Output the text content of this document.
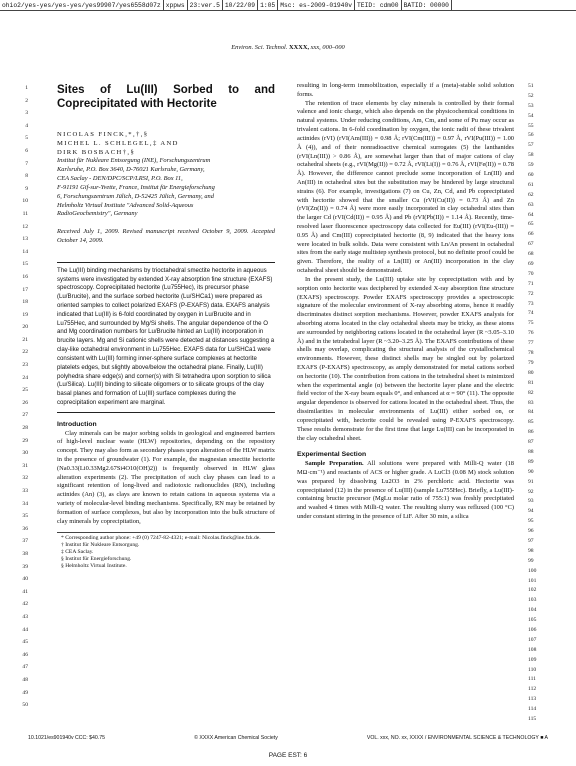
ohio2/yes-yes/yes-yes/yes99907/yes6558d07z xppws 23:ver.5 10/22/09 1:05 Msc: es-2009-01940v TEID: cdm00 BATID: 00000
Environ. Sci. Technol. XXXX, xxx, 000–000
1
2
3
4
5
6
7
8
9
10
11
12
13
14
15
16
17
18
19
20
21
22
23
24
25
26
27
28
29
30
31
32
33
34
35
36
37
38
39
40
41
42
43
44
45
46
47
48
49
50
51
52
53
54
55
56
57
58
59
60
61
62
63
64
65
66
67
68
69
70
71
72
73
74
75
76
77
78
79
80
81
82
83
84
85
86
87
88
89
90
91
92
93
94
95
96
97
98
99
100
101
102
103
104
105
106
107
108
109
110
111
112
113
114
115
Sites of Lu(III) Sorbed to and Coprecipitated with Hectorite
NICOLAS FINCK,*,†,§
MICHEL L. SCHLEGEL,‡ AND
DIRK BOSBACH†,§
Institut für Nukleare Entsorgung (INE), Forschungszentrum
Karlsruhe, P.O. Box 3640, D-76021 Karlsruhe, Germany,
CEA Saclay - DEN/DPC/SCP/LRSI, P.O. Box 11,
F-91191 Gif-sur-Yvette, France, Institut für Energieforschung
6, Forschungszentrum Jülich, D-52425 Jülich, Germany, and
Helmholtz Virtual Institute "Advanced Solid-Aqueous
RadioGeochemistry", Germany

Received July 1, 2009. Revised manuscript received October 9, 2009. Accepted October 14, 2009.

The Lu(III) binding mechanisms by trioctahedral smectite hectorite in aqueous systems were investigated by extended X-ray absorption fine structure (EXAFS) spectroscopy. Coprecipitated hectorite (Lu755Hec), its precursor phase (Lu/Brucite), and the surface sorbed hectorite (Lu/SHCa1) were prepared as oriented samples to collect polarized EXAFS (P-EXAFS) data. EXAFS analysis indicated that Lu(III) is 6-fold coordinated by oxygen in Lu/Brucite and in Lu755Hec, and surrounded by Mg/Si shells. The angular dependence of the O and Mg coordination numbers for Lu/Brucite hinted an Lu(III) incorporation in brucite layers. Mg and Si cationic shells were detected at distances suggesting a clay-like octahedral environment in Lu755Hec. EXAFS data for Lu/SHCa1 were consistent with Lu(III) forming inner-sphere surface complexes at hectorite platelets edges, but slightly above/below the octahedral plane. Finally, Lu(III) polyhedra share edge(s) and corner(s) with Si tetrahedra upon sorption to silica (Lu/Silica). Lu(III) binding to silicate oligomers or to silicate groups of the clay basal planes and formation of Lu(III) surface complexes during the coprecipitation experiment are marginal.
Introduction

Clay minerals can be major sorbing solids in geological and engineered barriers of high-level nuclear waste (HLW) repositories, depending on the repository concept. They may also form as secondary phases upon alteration of the HLW matrix in the presence of groundwater (1). For example, the magnesian smectite hectorite (Na0.33(Li0.33Mg2.67Si4O10(OH)2)) is frequently observed in HLW glass alteration experiments (2). The precipitation of such clay phases can lead to a significant retention of long-lived and radiotoxic radionuclides (RN), including actinides (An) (3), as clays are known to retain cations in aqueous systems via a variety of molecular-level binding mechanisms. Specifically, RN may be retained by formation of surface complexes, but also by incorporation into the bulk structure of clay minerals by coprecipitation,

* Corresponding author phone: +49 (0) 7247-82-4321; e-mail: Nicolas.finck@ine.fzk.de.

† Institut für Nukleare Entsorgung.

‡ CEA Saclay.

§ Institut für Energieforschung.

§ Helmholtz Virtual Institute.

resulting in long-term immobilization, especially if a (meta)-stable solid solution forms.

The retention of trace elements by clay minerals is controlled by their formal valence and ionic charge, which also depends on the physicochemical conditions in natural systems. Under reducing conditions, Am, Cm, and some of Pu may occur as trivalent cations. In 6-fold coordination by oxygen, the ionic radii of these trivalent actinides (rVI) (rVI(Am(III)) = 0.98 Å; rVI(Cm(III)) = 0.97 Å, rVI(Pu(III)) = 1.00 Å (4)), and of their nonradioactive chemical surrogates (5) the lanthanides (rVI(Ln(III)) > 0.86 Å), are somewhat larger than that of major cations of clay octahedral sheets (e.g., rVI(Mg(II)) = 0.72 Å, rVI(Li(I)) = 0.76 Å, rVI(Fe(II)) = 0.78 Å). However, the difference cannot preclude some incorporation of Ln(III) and An(III) in octahedral sites but the substitution may be hindered by large structural strains (6). For example, investigations (7) on Cu, Zn, Cd, and Pb coprecipitated with hectorite showed that the smaller Cu (rVI(Cu(II)) = 0.73 Å) and Zn (rVI(Zn(II)) = 0.74 Å) were more easily incorporated in clay octahedral sites than the larger Cd (rVI(Cd(II)) = 0.95 Å) and Pb (rVI(Pb(II)) = 1.14 Å). Recently, time-resolved laser fluorescence spectroscopy data collected for Eu(III) (rVI(Eu-(III)) = 0.95 Å) and Cm(III) coprecipitated hectorite (8, 9) indicated that the heavy ions were located in bulk solids. Data were consistent with Ln/An present in octahedral sites from the early stage multistep synthesis protocol, but no definite proof could be given. Therefore, the reality of a Ln(III) or An(III) incorporation in the clay octahedral sheet should be demonstrated.

In the present study, the Lu(III) uptake site by coprecipitation with and by sorption onto hectorite was deciphered by extended X-ray absorption fine structure (EXAFS) spectroscopy. Powder EXAFS spectroscopy provides a spectroscopic signature of the molecular environment of X-ray absorbing atoms, hence it readily discriminates distinct sorption mechanisms. However, powder EXAFS analysis for absorbing atoms located in the clay octahedral sheets may be tricky, as these atoms are surrounded by neighboring cations located in the octahedral layer (R ~3.05–3.10 Å) and in the tetrahedral layer (R ~3.20–3.25 Å). The EXAFS contributions of these shells may overlap, complicating the structural analysis of the crystallochemical environments. However, these distinct shells may be singled out by polarized EXAFS (P-EXAFS) spectroscopy, as amply demonstrated for metal cations sorbed on hectorite (10). The contribution from cations in the tetrahedral sheet is minimized when the experimental angle (α) between the hectorite layer plane and the electric field vector of the X-ray beam equals 0°, and enhanced at α = 90° (11). The opposite angular dependence is observed for cations located in the octahedral sheet. Thus, the dissimilarities in molecular environments of Lu(III) either sorbed on, or coprecipitated with, hectorite could be revealed using P-EXAFS spectroscopy. These results demonstrate for the first time that large Lu(III) can be incorporated in the clay octahedral sheet.

Experimental Section

Sample Preparation. All solutions were prepared with Milli-Q water (18 MΩ·cm⁻¹) and reactants of ACS or higher grade. A LuCl3 (0.08 M) stock solution was prepared by dissolving Lu2O3 in 2% perchloric acid. Hectorite was coprecipitated (12) in the presence of Lu(III) (sample Lu755Hec). Briefly, a Lu(III)-containing brucite precursor (MgLu molar ratio of 755:1) was freshly precipitated and washed 4 times with Milli-Q water. The resulting slurry was refluxed (100 °C) under constant stirring in the presence of LiF. After 30 min, a silica

10.1021/es901940v CCC: $40.75	© XXXX American Chemical Society	VOL. xxx, NO. xx, XXXX / ENVIRONMENTAL SCIENCE & TECHNOLOGY ■ A
PAGE EST: 6
